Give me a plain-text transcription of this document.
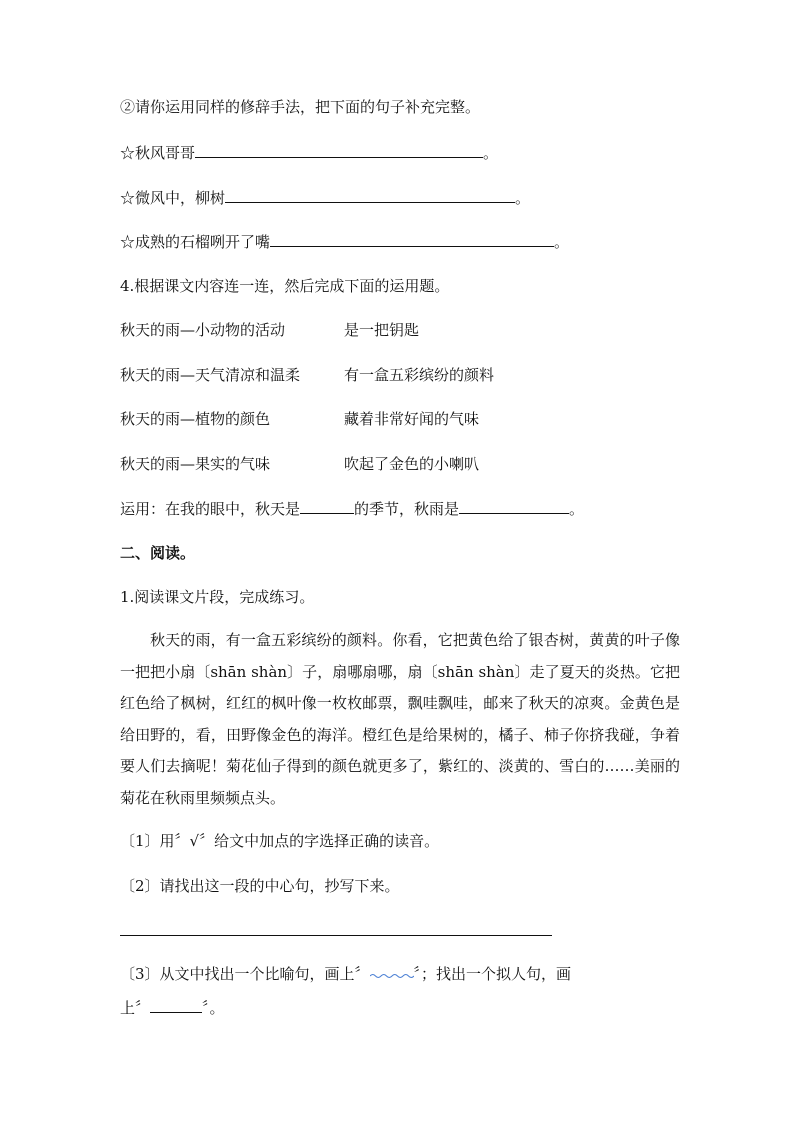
②请你运用同样的修辞手法，把下面的句子补充完整。
☆秋风哥哥	。
☆微风中，柳树	。
☆成熟的石榴咧开了嘴	。
4.根据课文内容连一连，然后完成下面的运用题。
秋天的雨—小动物的活动	是一把钥匙
秋天的雨—天气清凉和温柔	有一盒五彩缤纷的颜料
秋天的雨—植物的颜色	藏着非常好闻的气味
秋天的雨—果实的气味	吹起了金色的小喇叭
运用：在我的眼中，秋天是	的季节，秋雨是	。
二、阅读。
1.阅读课文片段，完成练习。
秋天的雨，有一盒五彩缤纷的颜料。你看，它把黄色给了银杏树，黄黄的叶子像一把把小扇〔shān shàn〕子，扇哪扇哪，扇〔shān shàn〕走了夏天的炎热。它把红色给了枫树，红红的枫叶像一枚枚邮票，飘哇飘哇，邮来了秋天的凉爽。金黄色是给田野的，看，田野像金色的海洋。橙红色是给果树的，橘子、柿子你挤我碰，争着要人们去摘呢！菊花仙子得到的颜色就更多了，紫红的、淡黄的、雪白的……美丽的菊花在秋雨里频频点头。
〔1〕用〞√〞给文中加点的字选择正确的读音。
〔2〕请找出这一段的中心句，抄写下来。
〔3〕从文中找出一个比喻句，画上〞	〞；找出一个拟人句，画
上〞	〞。
